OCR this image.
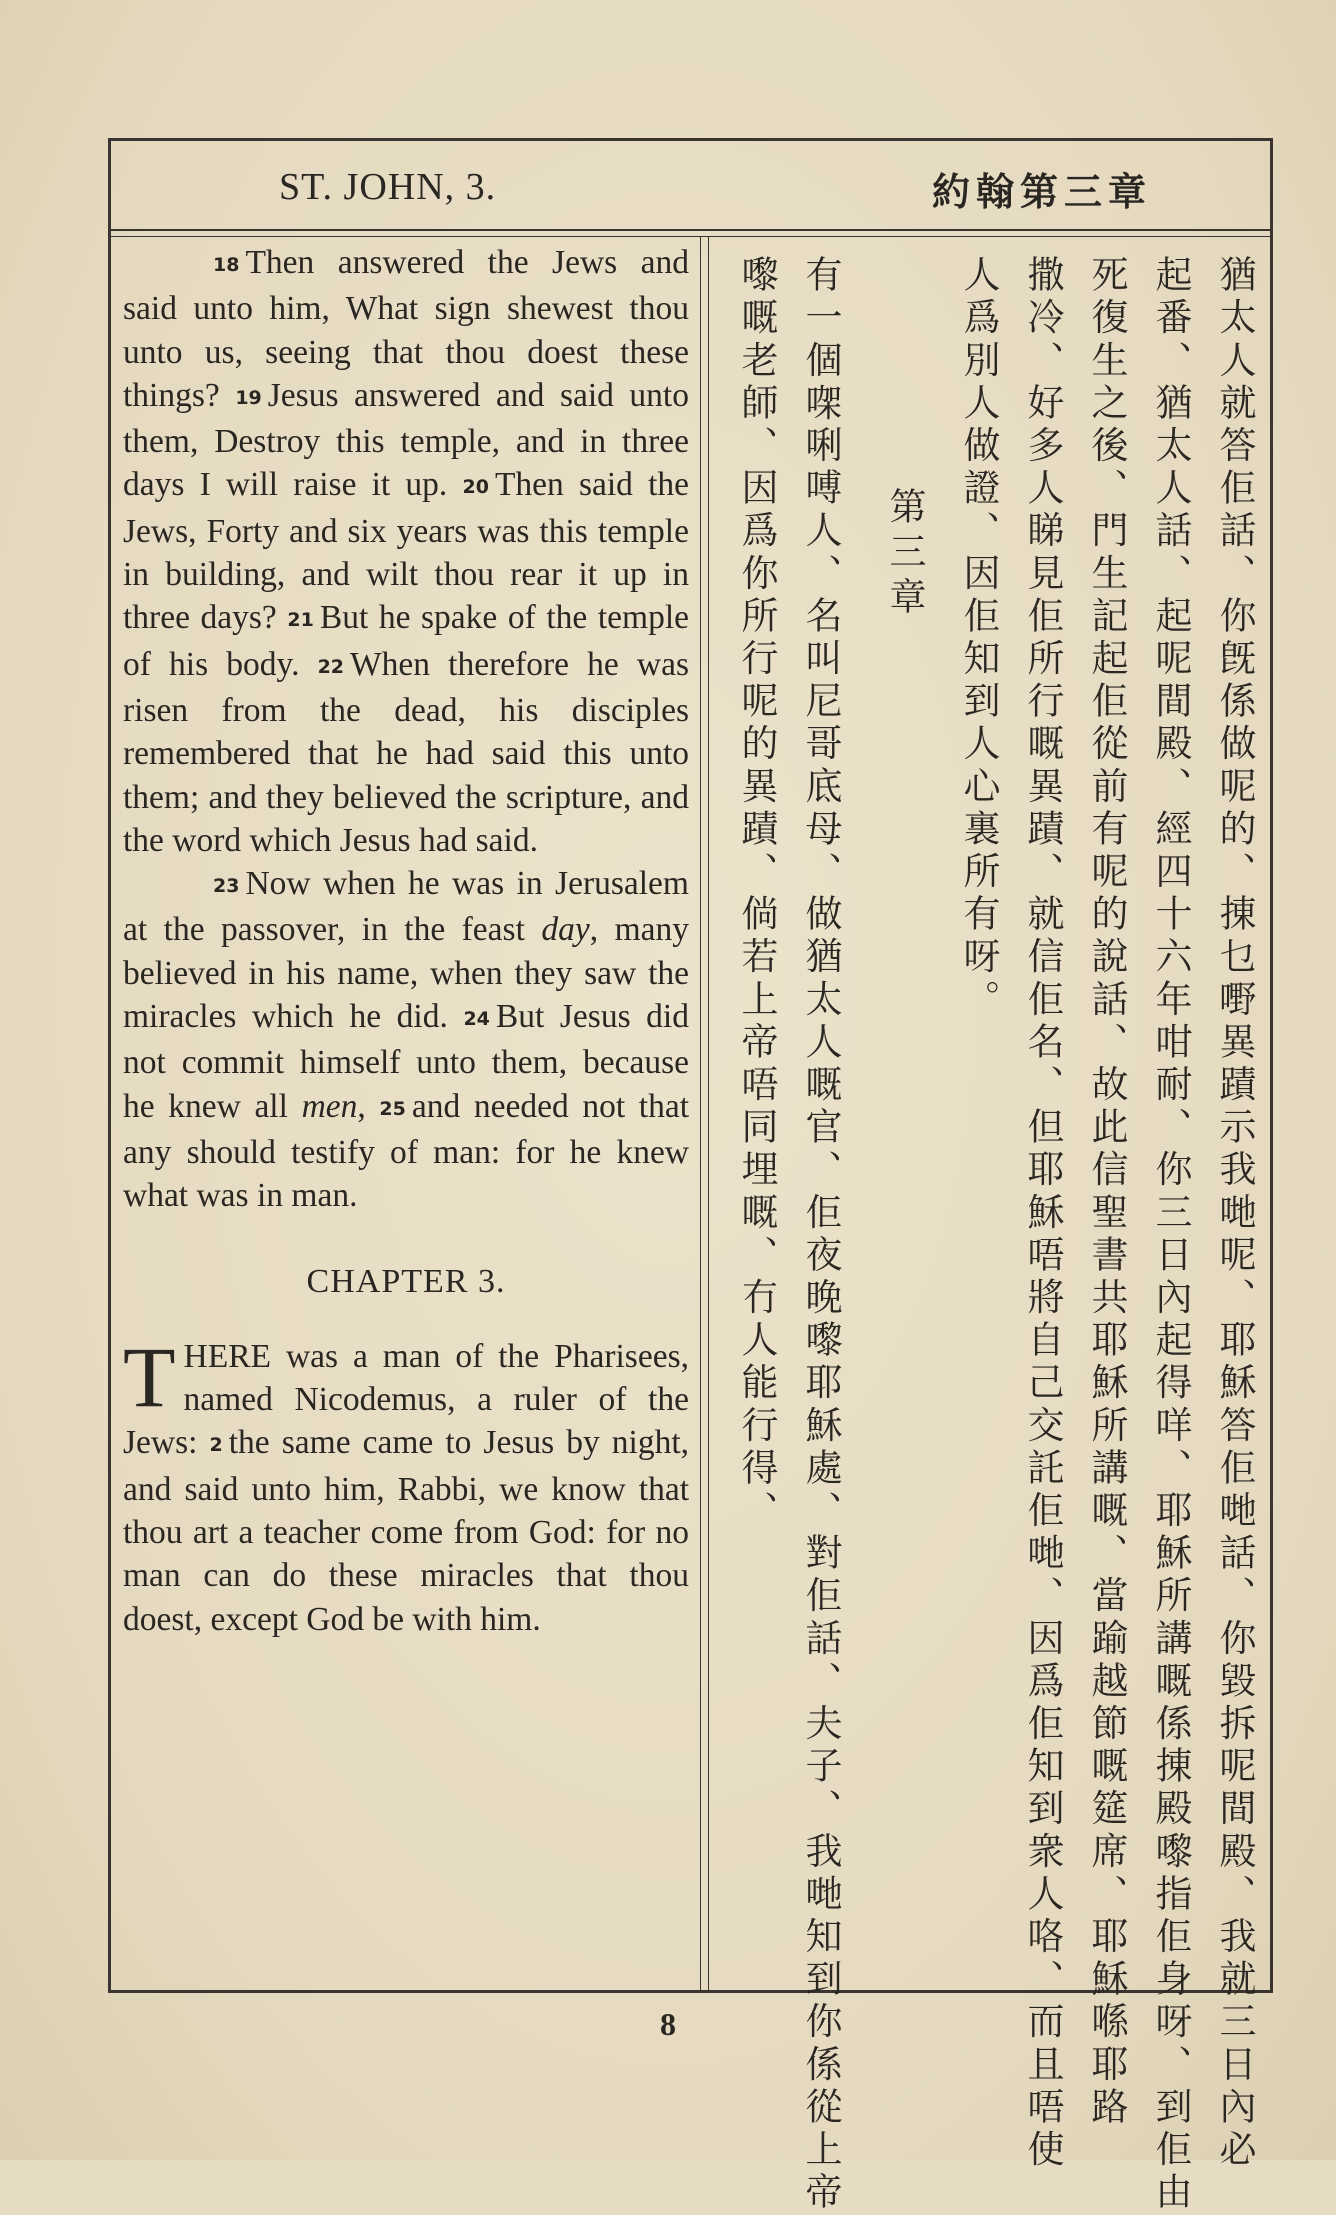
ST. JOHN, 3.	約翰第三章

18 Then answered the Jews and said unto him, What sign shewest thou unto us, seeing that thou doest these things? 19 Jesus answered and said unto them, Destroy this temple, and in three days I will raise it up. 20 Then said the Jews, Forty and six years was this temple in building, and wilt thou rear it up in three days? 21 But he spake of the temple of his body. 22 When therefore he was risen from the dead, his disciples remembered that he had said this unto them; and they believed the scripture, and the word which Jesus had said.

23 Now when he was in Jerusalem at the passover, in the feast day, many believed in his name, when they saw the miracles which he did. 24 But Jesus did not commit himself unto them, because he knew all men, 25 and needed not that any should testify of man: for he knew what was in man.

CHAPTER 3.

THERE was a man of the Pharisees, named Nicodemus, a ruler of the Jews: 2 the same came to Jesus by night, and said unto him, Rabbi, we know that thou art a teacher come from God: for no man can do these miracles that thou doest, except God be with him.	猶太人就答佢話、你旣係做呢的、㨂乜嘢異蹟示我哋呢、耶穌答佢哋話、你毀拆呢間殿、我就三日內必
起番、猶太人話、起呢間殿、經四十六年咁耐、你三日內起得咩、耶穌所講嘅係㨂殿嚟指佢身呀、到佢由
死復生之後、門生記起佢從前有呢的說話、故此信聖書共耶穌所講嘅、當踰越節嘅筵席、耶穌喺耶路
撒冷、好多人睇見佢所行嘅異蹟、就信佢名、但耶穌唔將自己交託佢哋、因爲佢知到衆人咯、而且唔使
人爲別人做證、因佢知到人心裏所有呀。
第三章
有一個㗎唎㗘人、名叫尼哥底母、做猶太人嘅官、佢夜晚嚟耶穌處、對佢話、夫子、我哋知到你係從上帝
嚟嘅老師、因爲你所行呢的異蹟、倘若上帝唔同埋嘅、冇人能行得、
8
